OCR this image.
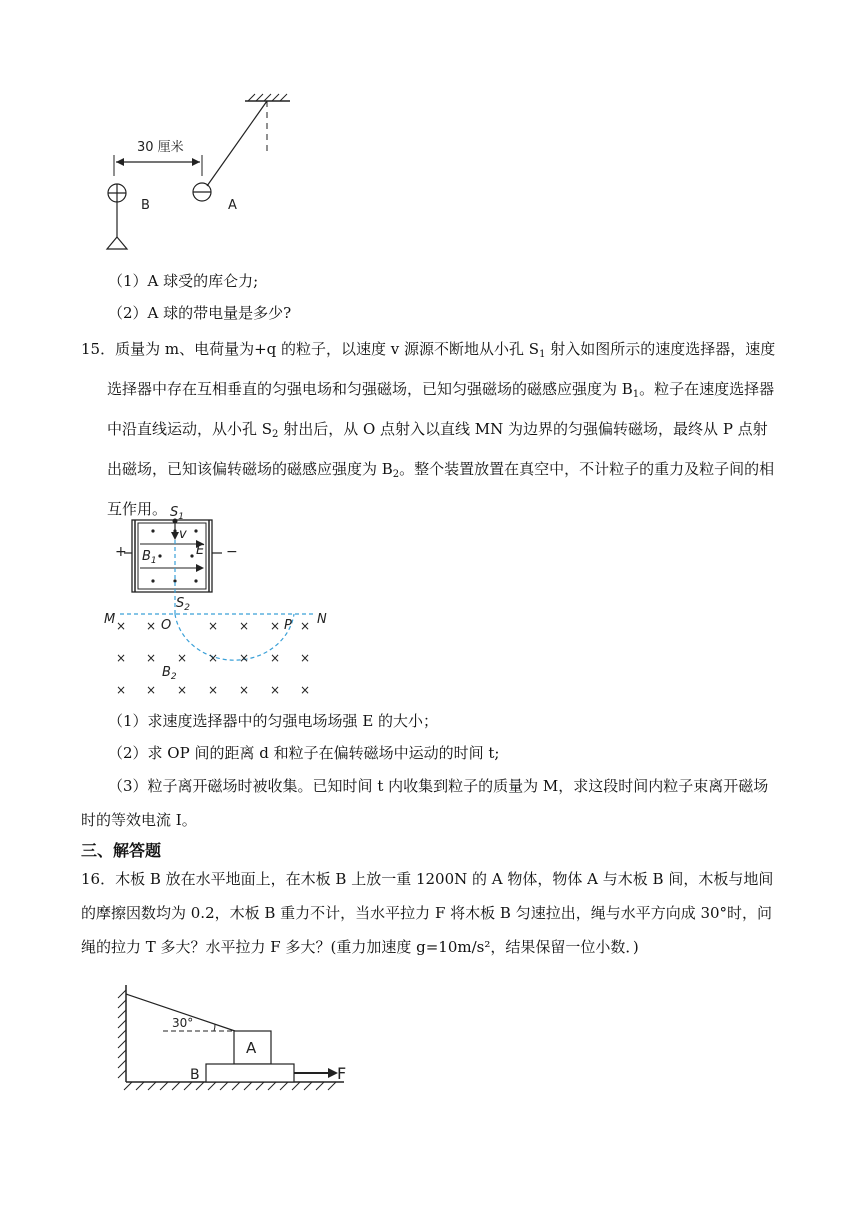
30 厘米
B	A
（1）A 球受的库仑力;
（2）A 球的带电量是多少?
15．质量为 m、电荷量为+q 的粒子，以速度 v 源源不断地从小孔 $S_1$ 射入如图所示的速度选择器，速度选择器中存在互相垂直的匀强电场和匀强磁场，已知匀强磁场的磁感应强度为 $B_1$。粒子在速度选择器中沿直线运动，从小孔 $S_2$ 射出后，从 O 点射入以直线 MN 为边界的匀强偏转磁场，最终从 P 点射出磁场，已知该偏转磁场的磁感应强度为 $B_2$。整个装置放置在真空中，不计粒子的重力及粒子间的相互作用。
+	−
$S_1$
v
$B_1$
E
$S_2$
M	N
O	P
$B_2$
× ×	× × × ×
× × × × × × ×
× × × × × × ×
（1）求速度选择器中的匀强电场场强 E 的大小；
（2）求 OP 间的距离 d 和粒子在偏转磁场中运动的时间 t;
（3）粒子离开磁场时被收集。已知时间 t 内收集到粒子的质量为 M，求这段时间内粒子束离开磁场时的等效电流 I。
三、解答题
16．木板 B 放在水平地面上，在木板 B 上放一重 1200N 的 A 物体，物体 A 与木板 B 间，木板与地间的摩擦因数均为 0.2，木板 B 重力不计，当水平拉力 F 将木板 B 匀速拉出，绳与水平方向成 30°时，问绳的拉力 T 多大？水平拉力 F 多大？(重力加速度 g=10m/s²，结果保留一位小数．)
30°
A
B	F
